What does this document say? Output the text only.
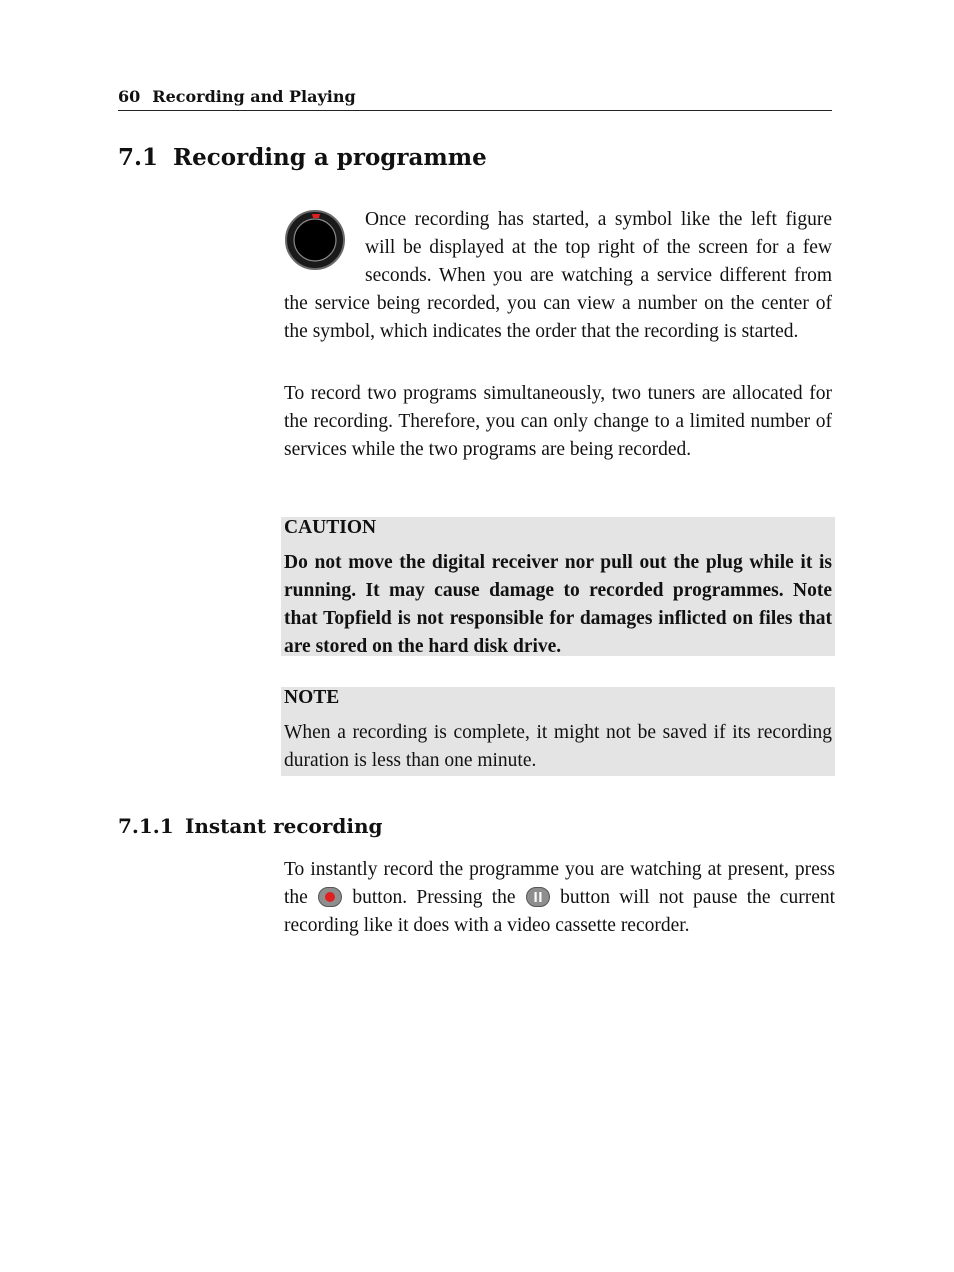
60 Recording and Playing
7.1 Recording a programme
Once recording has started, a symbol like the left figure will be displayed at the top right of the screen for a few seconds. When you are watching a service different from the service being recorded, you can view a number on the center of the symbol, which indicates the order that the recording is started.
To record two programs simultaneously, two tuners are allocated for the recording. Therefore, you can only change to a limited number of services while the two programs are being recorded.
CAUTION
Do not move the digital receiver nor pull out the plug while it is running. It may cause damage to recorded programmes. Note that Topfield is not responsible for damages inflicted on files that are stored on the hard disk drive.
NOTE
When a recording is complete, it might not be saved if its recording duration is less than one minute.
7.1.1 Instant recording
To instantly record the programme you are watching at present, press the button. Pressing the button will not pause the current recording like it does with a video cassette recorder.
